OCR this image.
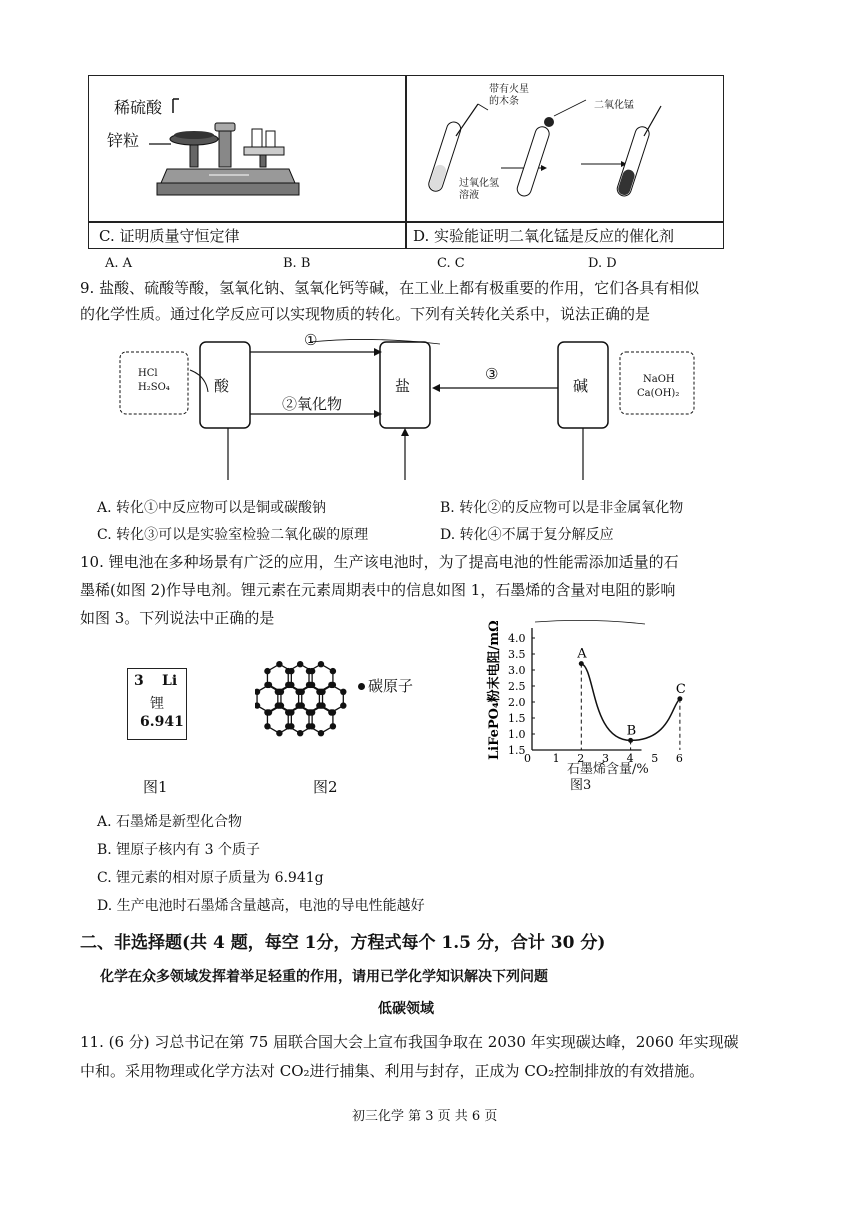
稀硫酸
锌粒
C. 证明质量守恒定律
带有火星
的木条	二氧化锰
过氧化氢
溶液
D. 实验能证明二氧化锰是反应的催化剂
A. A	B. B	C. C	D. D
9. 盐酸、硫酸等酸，氢氧化钠、氢氧化钙等碱，在工业上都有极重要的作用，它们各具有相似
的化学性质。通过化学反应可以实现物质的转化。下列有关转化关系中，说法正确的是
HCl
H₂SO₄	酸	盐	碱	NaOH
Ca(OH)₂
①
②氧化物
③
A. 转化①中反应物可以是铜或碳酸钠	B. 转化②的反应物可以是非金属氧化物
C. 转化③可以是实验室检验二氧化碳的原理	D. 转化④不属于复分解反应
10. 锂电池在多种场景有广泛的应用，生产该电池时，为了提高电池的性能需添加适量的石
墨稀(如图 2)作导电剂。锂元素在元素周期表中的信息如图 1，石墨烯的含量对电阻的影响
如图 3。下列说法中正确的是
3 Li
锂
6.941
图1
碳原子
图2
0 1 2 3 4 5 6
1.5
1.0
1.5
2.0
2.5
3.0
3.5
4.0
LiFePO₄粉末电阻/mΩ	A
B
C
石墨烯含量/%
图3
A. 石墨烯是新型化合物
B. 锂原子核内有 3 个质子
C. 锂元素的相对原子质量为 6.941g
D. 生产电池时石墨烯含量越高，电池的导电性能越好
二、非选择题(共 4 题，每空 1分，方程式每个 1.5 分，合计 30 分)
化学在众多领域发挥着举足轻重的作用，请用已学化学知识解决下列问题
低碳领域
11. (6 分) 习总书记在第 75 届联合国大会上宣布我国争取在 2030 年实现碳达峰，2060 年实现碳
中和。采用物理或化学方法对 CO₂进行捕集、利用与封存，正成为 CO₂控制排放的有效措施。
初三化学 第 3 页 共 6 页
